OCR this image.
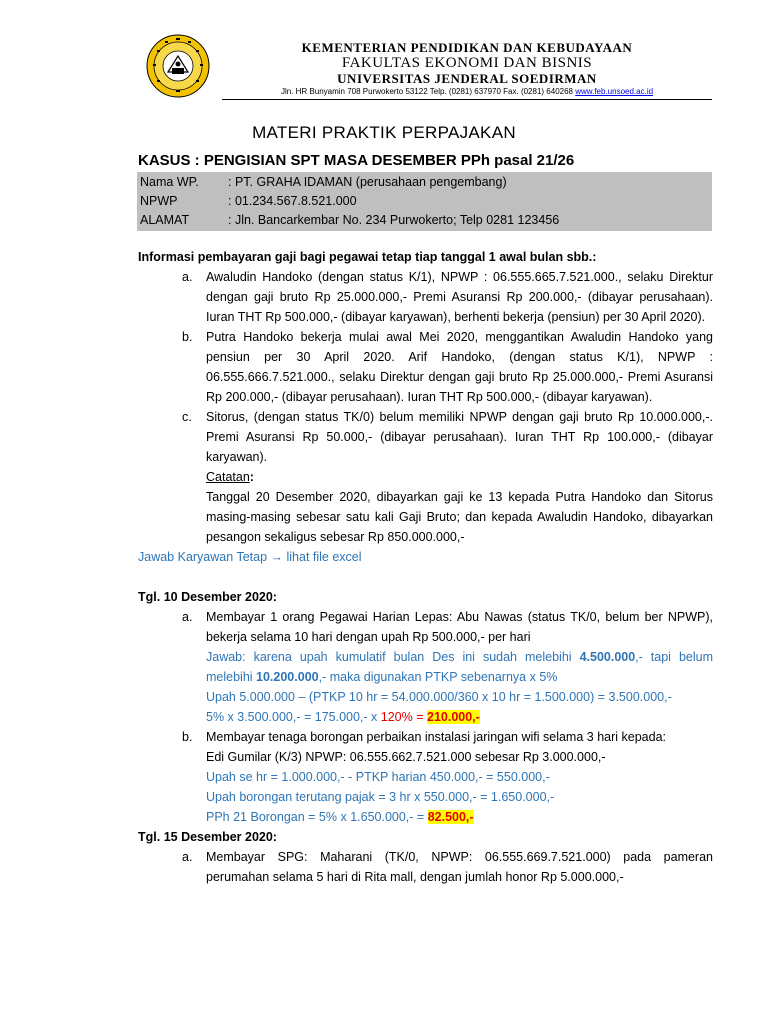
KEMENTERIAN PENDIDIKAN DAN KEBUDAYAAN
FAKULTAS EKONOMI DAN BISNIS
UNIVERSITAS JENDERAL SOEDIRMAN
Jln. HR Bunyamin 708 Purwokerto 53122 Telp. (0281) 637970 Fax. (0281) 640268 www.feb.unsoed.ac.id
MATERI PRAKTIK PERPAJAKAN
KASUS : PENGISIAN SPT MASA DESEMBER PPh pasal 21/26
Nama WP. : PT. GRAHA IDAMAN (perusahaan pengembang)
NPWP	: 01.234.567.8.521.000
ALAMAT	: Jln. Bancarkembar No. 234 Purwokerto; Telp 0281 123456

Informasi pembayaran gaji bagi pegawai tetap tiap tanggal 1 awal bulan sbb.:

a. Awaludin Handoko (dengan status K/1), NPWP : 06.555.665.7.521.000., selaku Direktur dengan gaji bruto Rp 25.000.000,- Premi Asuransi Rp 200.000,- (dibayar perusahaan). Iuran THT Rp 500.000,- (dibayar karyawan), berhenti bekerja (pensiun) per 30 April 2020).
b. Putra Handoko bekerja mulai awal Mei 2020, menggantikan Awaludin Handoko yang pensiun per 30 April 2020. Arif Handoko, (dengan status K/1), NPWP : 06.555.666.7.521.000., selaku Direktur dengan gaji bruto Rp 25.000.000,- Premi Asuransi Rp 200.000,- (dibayar perusahaan). Iuran THT Rp 500.000,- (dibayar karyawan).
c. Sitorus, (dengan status TK/0) belum memiliki NPWP dengan gaji bruto Rp 10.000.000,-. Premi Asuransi Rp 50.000,- (dibayar perusahaan). Iuran THT Rp 100.000,- (dibayar karyawan).
Catatan:
Tanggal 20 Desember 2020, dibayarkan gaji ke 13 kepada Putra Handoko dan Sitorus masing-masing sebesar satu kali Gaji Bruto; dan kepada Awaludin Handoko, dibayarkan pesangon sekaligus sebesar Rp 850.000.000,-
Jawab Karyawan Tetap → lihat file excel
Tgl. 10 Desember 2020:
a. Membayar 1 orang Pegawai Harian Lepas: Abu Nawas (status TK/0, belum ber NPWP), bekerja selama 10 hari dengan upah Rp 500.000,- per hari
Jawab: karena upah kumulatif bulan Des ini sudah melebihi 4.500.000,- tapi belum melebihi 10.200.000,- maka digunakan PTKP sebenarnya x 5%
Upah 5.000.000 – (PTKP 10 hr = 54.000.000/360 x 10 hr = 1.500.000) = 3.500.000,-
5% x 3.500.000,- = 175.000,- x 120% = 210.000,-
b. Membayar tenaga borongan perbaikan instalasi jaringan wifi selama 3 hari kepada:
Edi Gumilar (K/3) NPWP: 06.555.662.7.521.000 sebesar Rp 3.000.000,-
Upah se hr = 1.000.000,- - PTKP harian 450.000,- = 550.000,-
Upah borongan terutang pajak = 3 hr x 550.000,- = 1.650.000,-
PPh 21 Borongan = 5% x 1.650.000,- = 82.500,-
Tgl. 15 Desember 2020:
a. Membayar SPG: Maharani (TK/0, NPWP: 06.555.669.7.521.000) pada pameran perumahan selama 5 hari di Rita mall, dengan jumlah honor Rp 5.000.000,-
